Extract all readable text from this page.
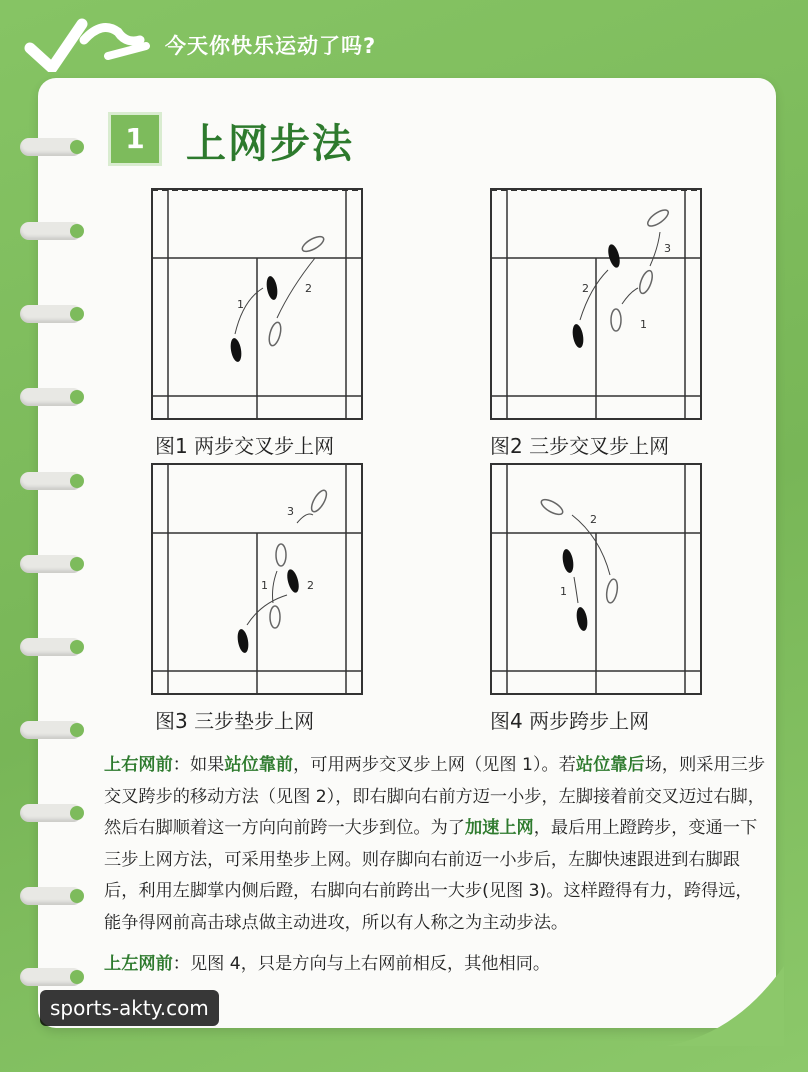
今天你快乐运动了吗?
1	上网步法
1
2
图1 两步交叉步上网
2
1
3
图2 三步交叉步上网
1	2
3
图3 三步垫步上网
1
2
图4 两步跨步上网

上右网前：如果站位靠前，可用两步交叉步上网（见图 1）。若站位靠后场，则采用三步交叉跨步的移动方法（见图 2），即右脚向右前方迈一小步，左脚接着前交叉迈过右脚，然后右脚顺着这一方向向前跨一大步到位。为了加速上网，最后用上蹬跨步，变通一下三步上网方法，可采用垫步上网。则存脚向右前迈一小步后，左脚快速跟进到右脚跟后，利用左脚掌内侧后蹬，右脚向右前跨出一大步(见图 3)。这样蹬得有力，跨得远，能争得网前高击球点做主动进攻，所以有人称之为主动步法。

上左网前：见图 4，只是方向与上右网前相反，其他相同。

sports-akty.com
